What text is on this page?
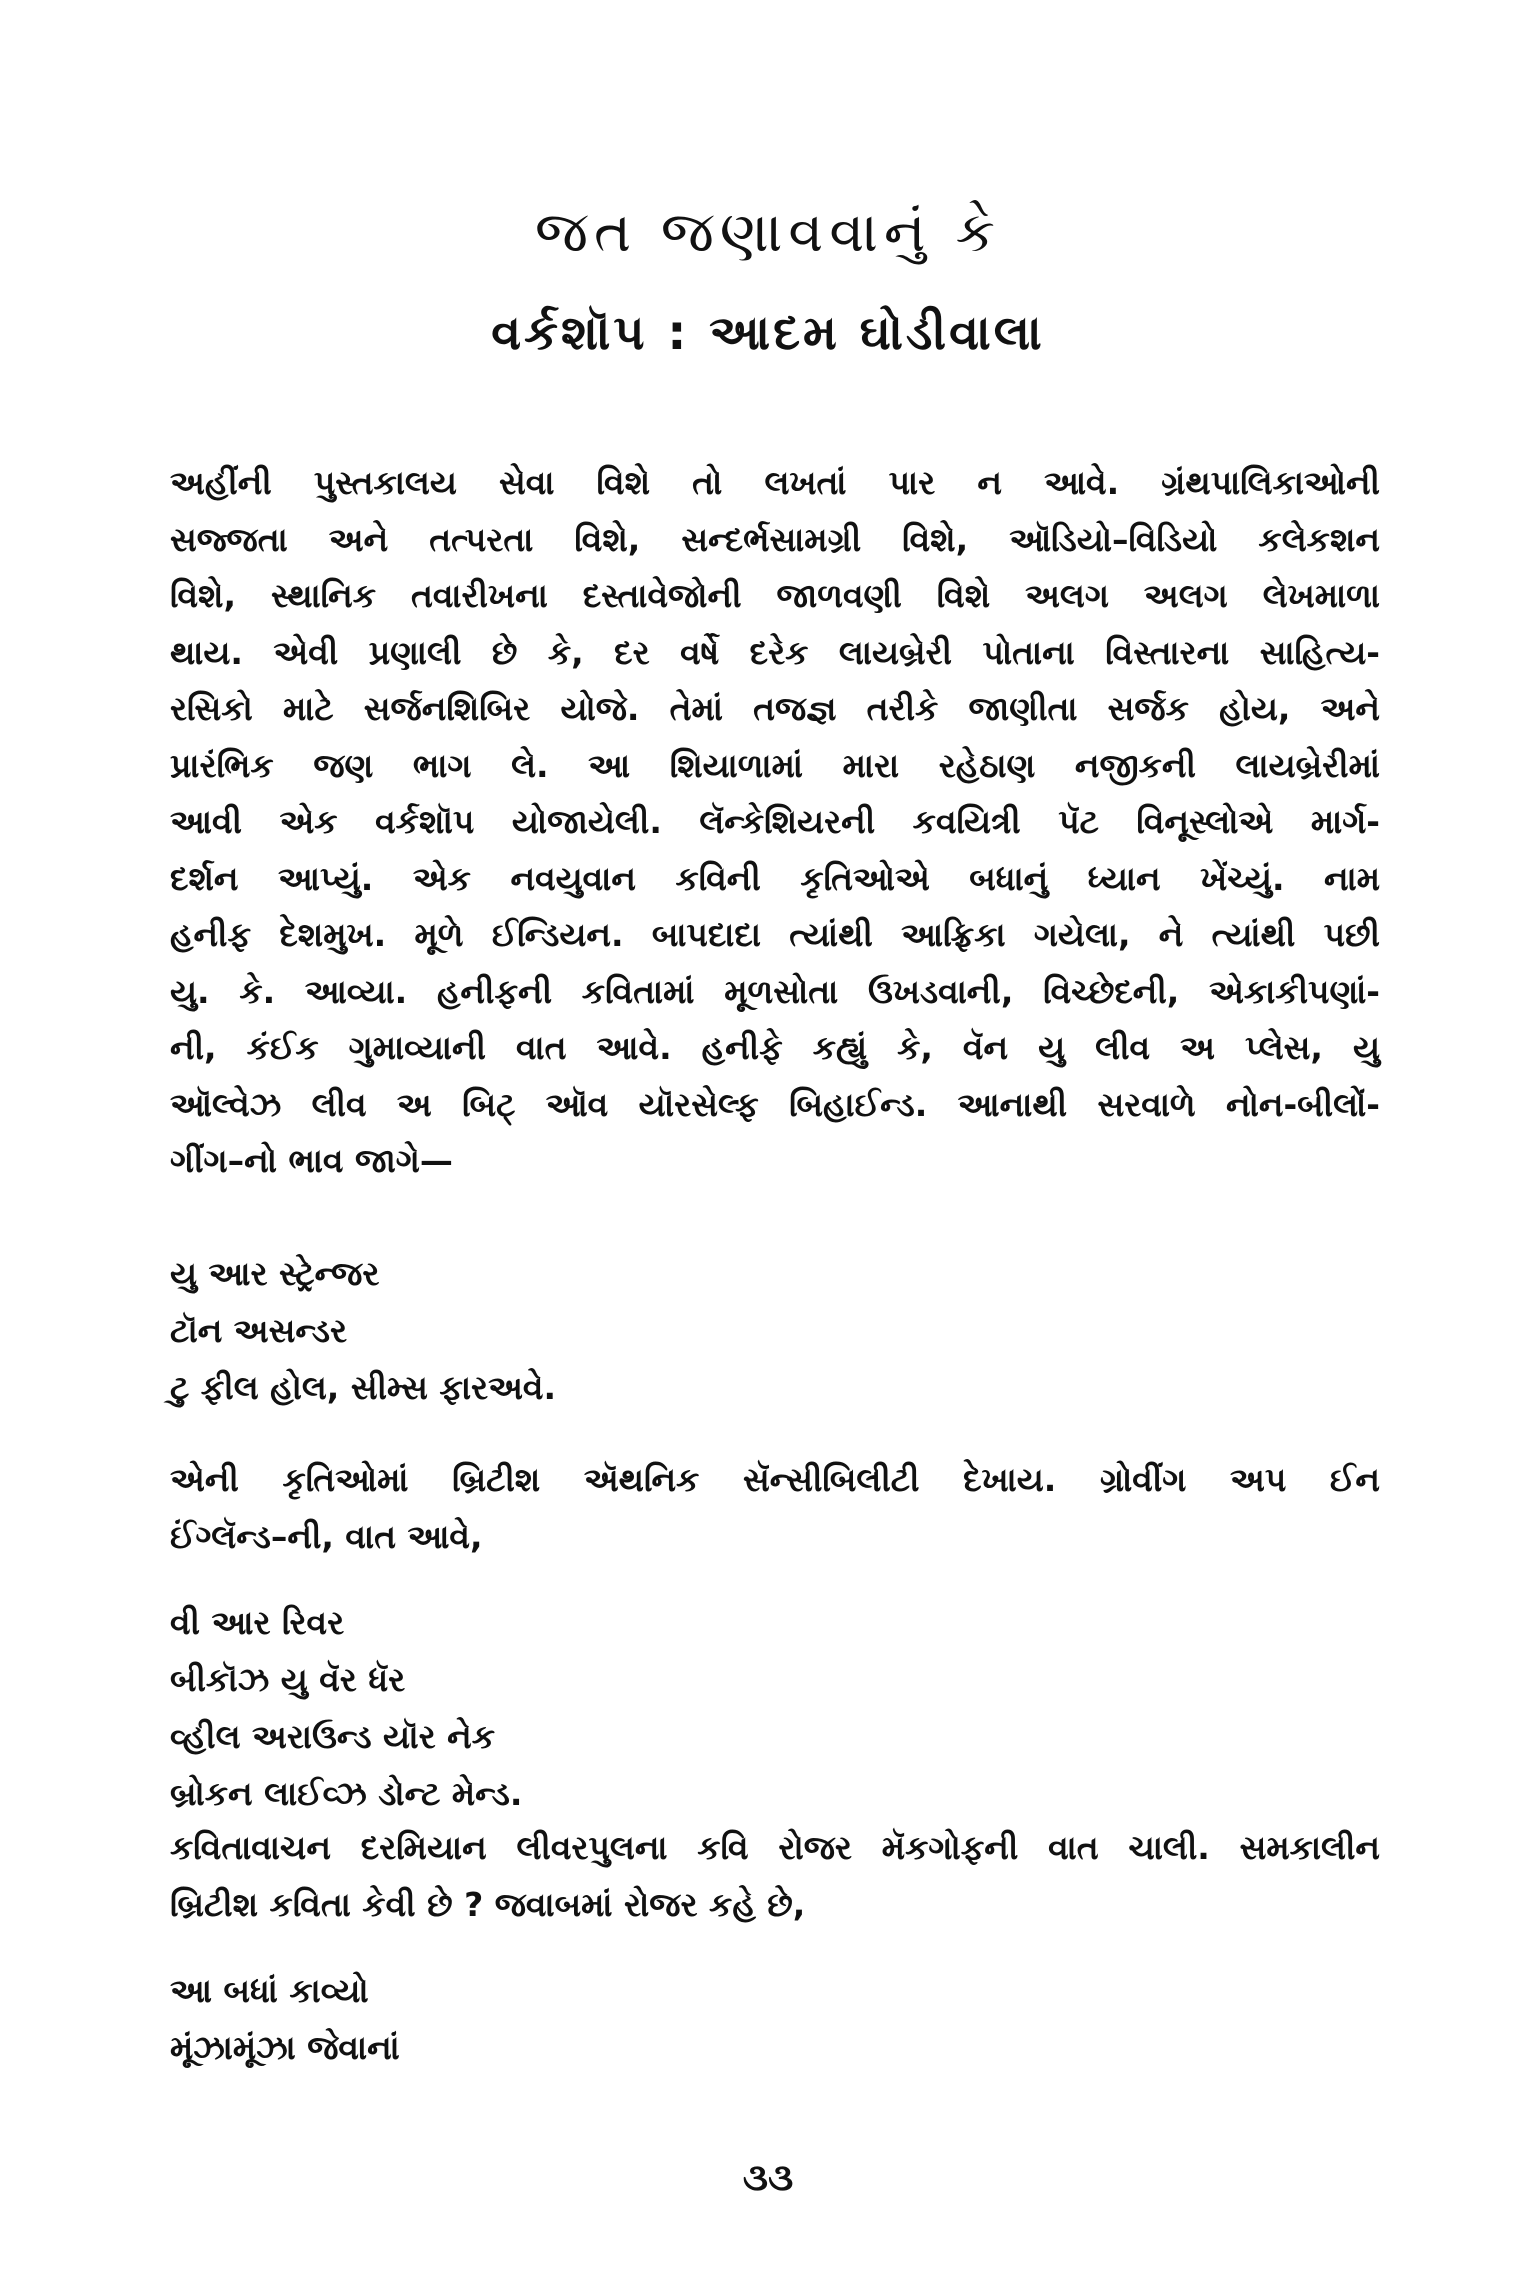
જત જણાવવાનું કે
વર્કશૉપ : આદમ ઘોડીવાલા
અહીંની પુસ્તકાલય સેવા વિશે તો લખતાં પાર ન આવે. ગ્રંથપાલિકાઓની
સજ્જતા અને તત્પરતા વિશે, સન્દર્ભસામગ્રી વિશે, ઑડિયો–વિડિયો કલેકશન
વિશે, સ્થાનિક તવારીખના દસ્તાવેજોની જાળવણી વિશે અલગ અલગ લેખમાળા
થાય. એવી પ્રણાલી છે કે, દર વર્ષે દરેક લાયબ્રેરી પોતાના વિસ્તારના સાહિત્ય-
રસિકો માટે સર્જનશિબિર યોજે. તેમાં તજજ્ઞ તરીકે જાણીતા સર્જક હોય, અને
પ્રારંભિક જણ ભાગ લે. આ શિયાળામાં મારા રહેઠાણ નજીકની લાયબ્રેરીમાં
આવી એક વર્કશૉપ યોજાયેલી. લૅન્કેશિયરની કવયિત્રી પૅટ વિનૂસ્લોએ માર્ગ-
દર્શન આપ્યું. એક નવયુવાન કવિની કૃતિઓએ બધાનું ધ્યાન ખેંચ્યું. નામ
હનીફ દેશમુખ. મૂળે ઈન્ડિયન. બાપદાદા ત્યાંથી આફ્રિકા ગયેલા, ને ત્યાંથી પછી
યુ. કે. આવ્યા. હનીફની કવિતામાં મૂળસોતા ઉખડવાની, વિચ્છેદની, એકાકીપણાં-
ની, કંઈક ગુમાવ્યાની વાત આવે. હનીફે કહ્યું કે, વૅન યુ લીવ અ પ્લેસ, યુ
ઑલ્વેઝ લીવ અ બિટ્ ઑવ યૉરસેલ્ફ બિહાઈન્ડ. આનાથી સરવાળે નોન-બીલોં-
ગીંગ–નો ભાવ જાગે—
યુ આર સ્ટ્રેન્જર
ટૉન અસન્ડર
ટુ ફીલ હોલ, સીમ્સ ફારઅવે.
એની કૃતિઓમાં બ્રિટીશ ઍથનિક સૅન્સીબિલીટી દેખાય. ગ્રોવીંગ અપ ઈન
ઈંગ્લૅન્ડ–ની, વાત આવે,
વી આર રિવર
બીકૉઝ યુ વૅર ધૅર
વ્હીલ અરાઉન્ડ યૉર નેક
બ્રોકન લાઈવ્ઝ ડોન્ટ મેન્ડ.
કવિતાવાચન દરમિયાન લીવરપુલના કવિ રોજર મૅકગોફની વાત ચાલી. સમકાલીન
બ્રિટીશ કવિતા કેવી છે ? જવાબમાં રોજર કહે છે,
આ બધાં કાવ્યો
મૂંઝામૂંઝા જેવાનાં
૩૩
